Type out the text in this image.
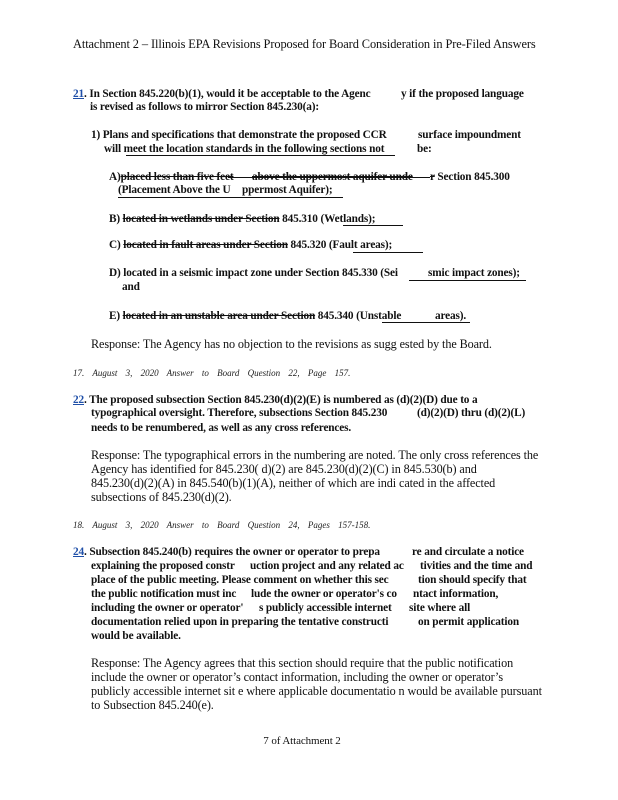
Attachment 2 – Illinois EPA Revisions Proposed for Board Consideration in Pre-Filed Answers
21. In Section 845.220(b)(1), would it be acceptable to the Agenc	y if the proposed language
is revised as follows to mirror Section 845.230(a):
1) Plans and specifications that demonstrate the proposed CCR	surface impoundment
will meet the location standards in the following sections not	be:
A)placed less than five feet above the uppermost aquifer unde r Section 845.300
(Placement Above the U ppermost Aquifer);
B) located in wetlands under Section 845.310 (Wetlands);
C) located in fault areas under Section 845.320 (Fault areas);
D) located in a seismic impact zone under Section 845.330 (Sei	smic impact zones);
and
E) located in an unstable area under Section 845.340 (Unstable	areas).
Response: The Agency has no objection to the revisions as sugg ested by the Board.
17. August 3, 2020 Answer to Board Question 22, Page 157.
22. The proposed subsection Section 845.230(d)(2)(E) is numbered as (d)(2)(D) due to a
typographical oversight. Therefore, subsections Section 845.230	(d)(2)(D) thru (d)(2)(L)
needs to be renumbered, as well as any cross references.
Response: The typographical errors in the numbering are noted. The only cross references the
Agency has identified for 845.230( d)(2) are 845.230(d)(2)(C) in 845.530(b) and
845.230(d)(2)(A) in 845.540(b)(1)(A), neither of which are indi cated in the affected
subsections of 845.230(d)(2).
18. August 3, 2020 Answer to Board Question 24, Pages 157-158.
24. Subsection 845.240(b) requires the owner or operator to prepa	re and circulate a notice
explaining the proposed constr uction project and any related ac tivities and the time and
place of the public meeting. Please comment on whether this sec	tion should specify that
the public notification must inc lude the owner or operator's co ntact information,
including the owner or operator' s publicly accessible internet site where all
documentation relied upon in preparing the tentative constructi	on permit application
would be available.
Response: The Agency agrees that this section should require that the public notification
include the owner or operator’s contact information, including the owner or operator’s
publicly accessible internet sit e where applicable documentatio n would be available pursuant
to Subsection 845.240(e).
7 of Attachment 2
